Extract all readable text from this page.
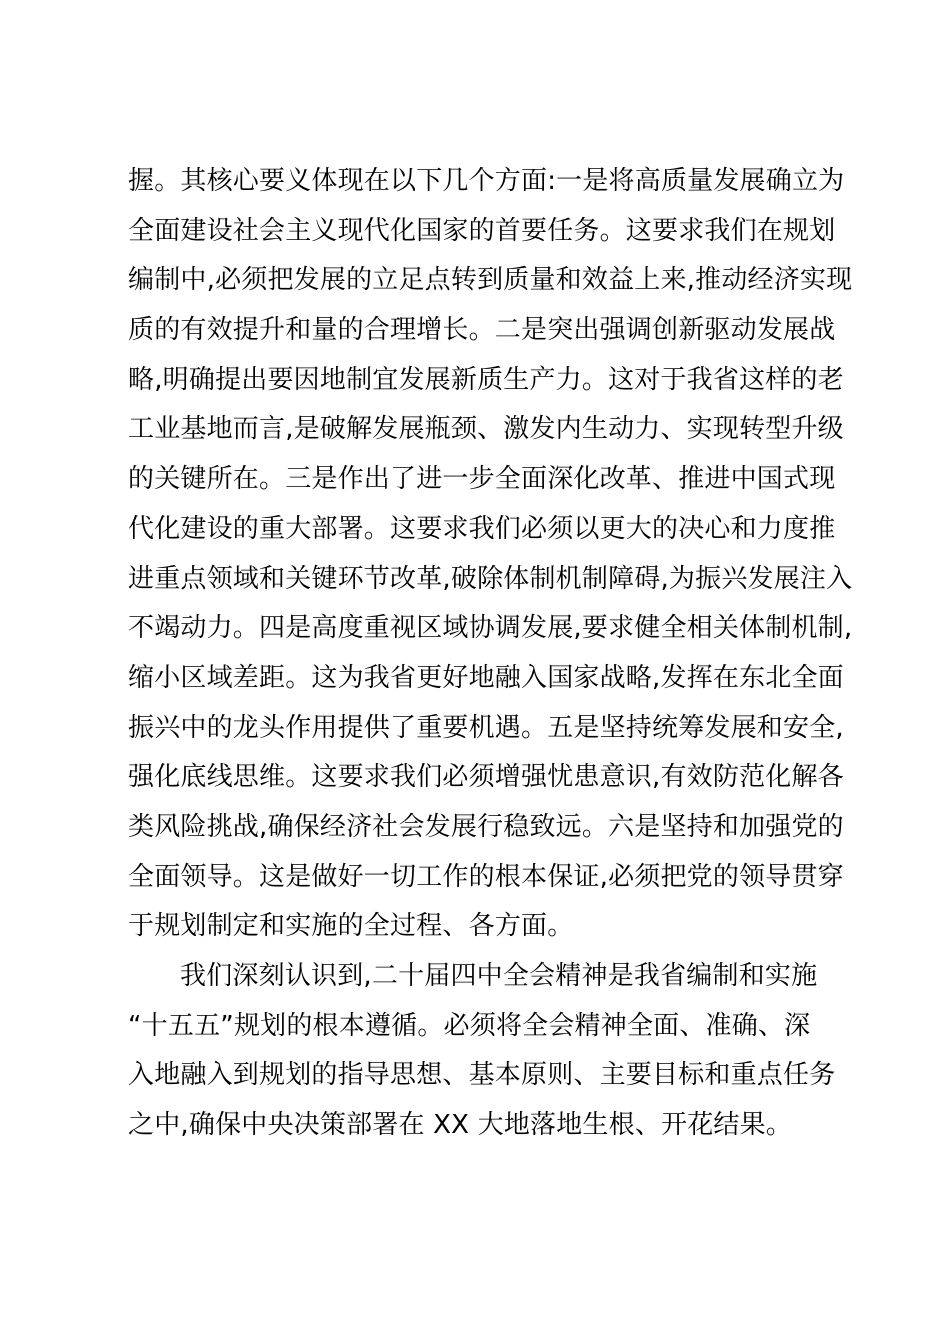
握。其核心要义体现在以下几个方面:一是将高质量发展确立为
全面建设社会主义现代化国家的首要任务。这要求我们在规划
编制中,必须把发展的立足点转到质量和效益上来,推动经济实现
质的有效提升和量的合理增长。二是突出强调创新驱动发展战
略,明确提出要因地制宜发展新质生产力。这对于我省这样的老
工业基地而言,是破解发展瓶颈、激发内生动力、实现转型升级
的关键所在。三是作出了进一步全面深化改革、推进中国式现
代化建设的重大部署。这要求我们必须以更大的决心和力度推
进重点领域和关键环节改革,破除体制机制障碍,为振兴发展注入
不竭动力。四是高度重视区域协调发展,要求健全相关体制机制,
缩小区域差距。这为我省更好地融入国家战略,发挥在东北全面
振兴中的龙头作用提供了重要机遇。五是坚持统筹发展和安全,
强化底线思维。这要求我们必须增强忧患意识,有效防范化解各
类风险挑战,确保经济社会发展行稳致远。六是坚持和加强党的
全面领导。这是做好一切工作的根本保证,必须把党的领导贯穿
于规划制定和实施的全过程、各方面。
我们深刻认识到,二十届四中全会精神是我省编制和实施
“十五五”规划的根本遵循。必须将全会精神全面、准确、深
入地融入到规划的指导思想、基本原则、主要目标和重点任务
之中,确保中央决策部署在 XX 大地落地生根、开花结果。
